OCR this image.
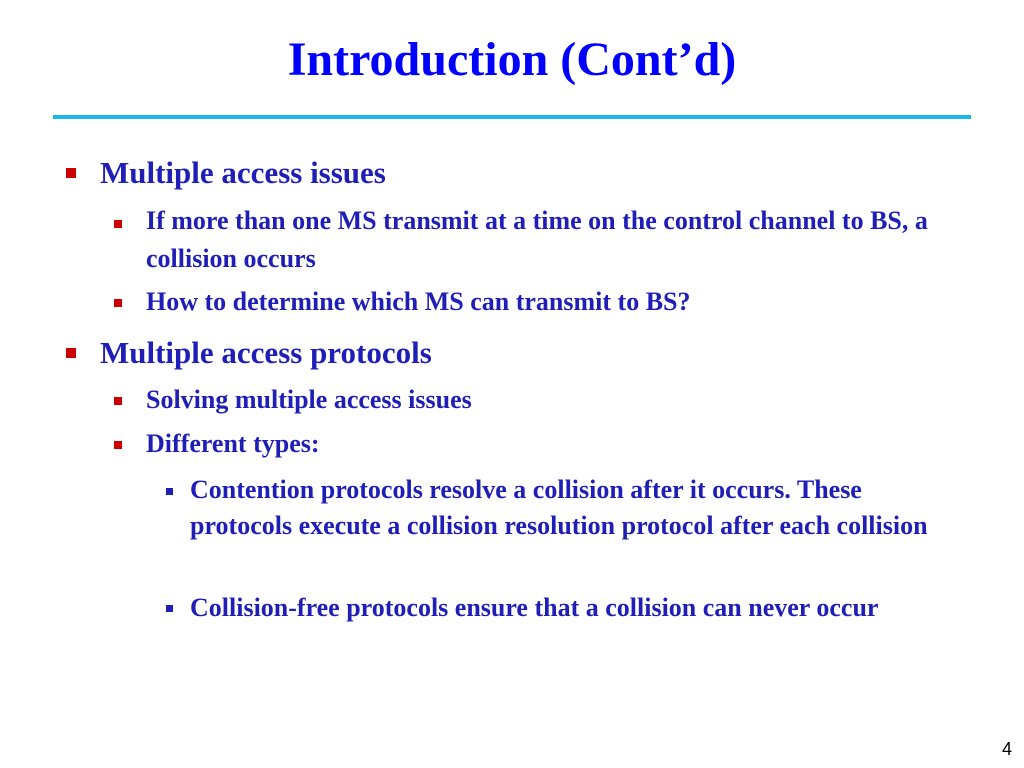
Introduction (Cont’d)
Multiple access issues
If more than one MS transmit at a time on the control channel to BS, a collision occurs
How to determine which MS can transmit to BS?
Multiple access protocols
Solving multiple access issues
Different types:
Contention protocols resolve a collision after it occurs. These protocols execute a collision resolution protocol after each collision
Collision-free protocols ensure that a collision can never occur
4
